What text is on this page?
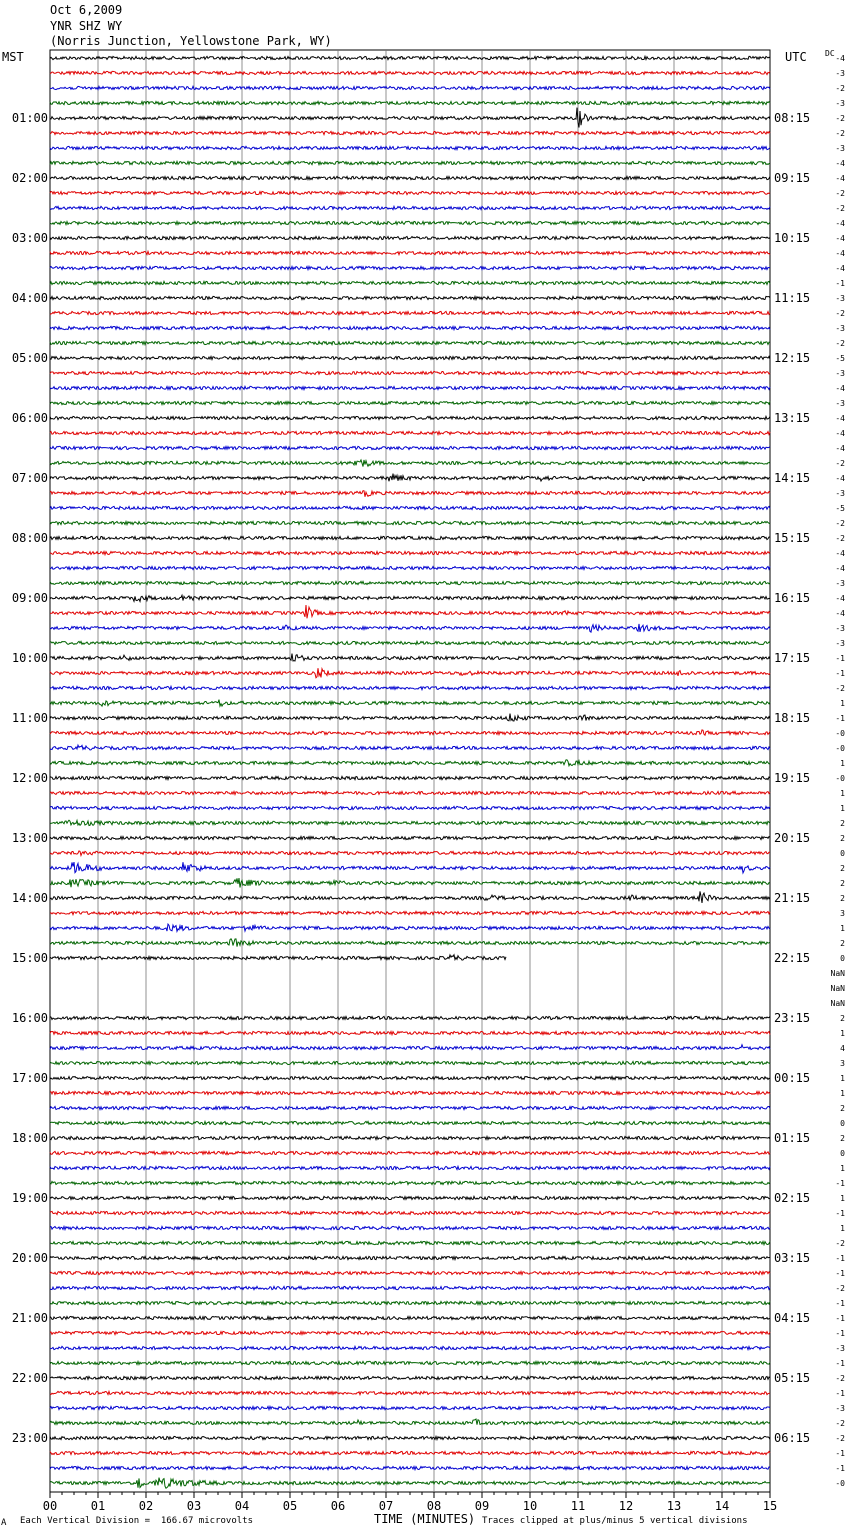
Oct 6,2009
YNR SHZ WY
(Norris Junction, Yellowstone Park, WY)
MST	UTC DC
00	01	02	03	04	05	06	07	08	09	10	11	12	13	14	15
01:00
02:00
03:00
04:00
05:00
06:00
07:00
08:00
09:00
10:00
11:00
12:00
13:00
14:00
15:00
16:00
17:00
18:00
19:00
20:00
21:00
22:00
23:00
08:15
09:15
10:15
11:15
12:15
13:15
14:15
15:15
16:15
17:15
18:15
19:15
20:15
21:15
22:15
23:15
00:15
01:15
02:15
03:15
04:15
05:15
06:15
-4
-3
-2
-3
-2
-2
-3
-4
-4
-2
-2
-4
-4
-4
-4
-1
-3
-2
-3
-2
-5
-3
-4
-3
-4
-4
-4
-2
-4
-3
-5
-2
-2
-4
-4
-3
-4
-4
-3
-3
-1
-1
-2
1
-1
-0
-0
1
-0
1
1
2
2
0
2
2
2
3
1
2
0
NaN
NaN
NaN
2
1
4
3
1
1
2
0
2
0
1
-1
1
-1
1
-2
-1
-1
-2
-1
-1
-1
-3
-1
-2
-1
-3
-2
-2
-1
-1
-0
A Each Vertical Division =  166.67 microvolts	TIME (MINUTES) Traces clipped at plus/minus 5 vertical divisions
